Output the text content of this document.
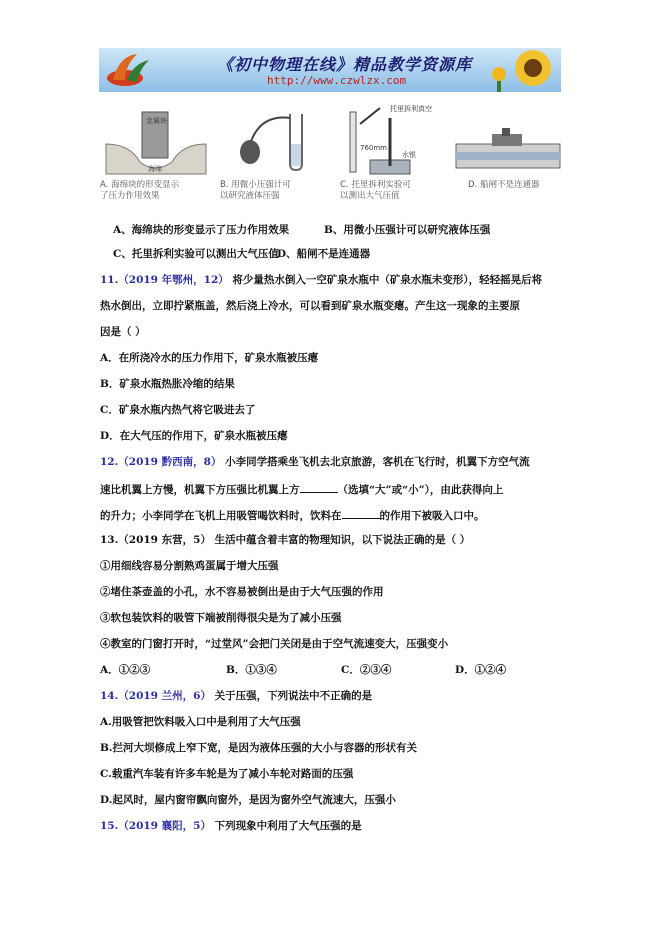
《初中物理在线》精品教学资源库
http://www.czwlzx.com
金属块
海绵
A. 海绵块的形变显示
了压力作用效果
B. 用微小压强计可
以研究液体压强
托里拆利真空
760mm
水银
C. 托里拆利实验可
以测出大气压值
D. 船闸不是连通器
A、海绵块的形变显示了压力作用效果	B、用微小压强计可以研究液体压强
C、托里拆利实验可以测出大气压值
D、船闸不是连通器
11.（2019 年鄂州，12） 将少量热水倒入一空矿泉水瓶中（矿泉水瓶未变形），轻轻摇晃后将
热水倒出，立即拧紧瓶盖，然后浇上冷水，可以看到矿泉水瓶变瘪。产生这一现象的主要原
因是（ ）
A．在所浇冷水的压力作用下，矿泉水瓶被压瘪
B．矿泉水瓶热胀冷缩的结果
C．矿泉水瓶内热气将它吸进去了
D．在大气压的作用下，矿泉水瓶被压瘪
12.（2019 黔西南，8） 小李同学搭乘坐飞机去北京旅游，客机在飞行时，机翼下方空气流
速比机翼上方慢，机翼下方压强比机翼上方	（选填“大”或“小”），由此获得向上
的升力；小李同学在飞机上用吸管喝饮料时，饮料在	的作用下被吸入口中。
13.（2019 东营，5） 生活中蕴含着丰富的物理知识，以下说法正确的是（ ）
①用细线容易分割熟鸡蛋属于增大压强
②堵住茶壶盖的小孔，水不容易被倒出是由于大气压强的作用
③软包装饮料的吸管下端被削得很尖是为了减小压强
④教室的门窗打开时，“过堂风”会把门关闭是由于空气流速变大，压强变小
A．①②③	B．①③④	C．②③④	D．①②④
14.（2019 兰州，6） 关于压强，下列说法中不正确的是
A.用吸管把饮料吸入口中是利用了大气压强
B.拦河大坝修成上窄下宽，是因为液体压强的大小与容器的形状有关
C.载重汽车装有许多车轮是为了减小车轮对路面的压强
D.起风时，屋内窗帘飘向窗外，是因为窗外空气流速大，压强小
15.（2019 襄阳，5） 下列现象中利用了大气压强的是
